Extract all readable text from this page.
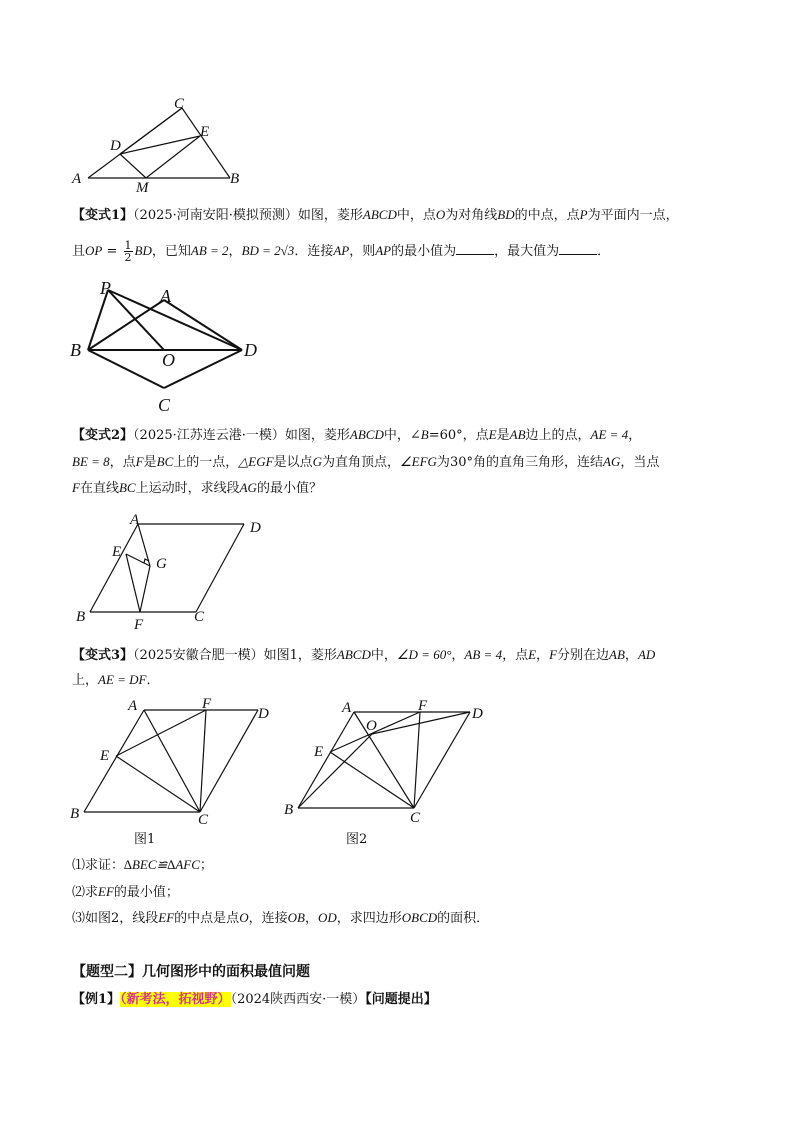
C
E
D
A
M
B
【变式1】（2025·河南安阳·模拟预测）如图，菱形ABCD中，点O为对角线BD的中点，点P为平面内一点，
且OP = $\frac{1}{2}$ BD，已知AB = 2，BD = 2√3．连接AP，则AP的最小值为	，最大值为	．
P	A
B	O	D
C
【变式2】（2025·江苏连云港·一模）如图，菱形ABCD中，∠B=60°，点E是AB边上的点，AE = 4，
BE = 8，点F是BC上的一点，△EGF是以点G为直角顶点，∠EFG为30°角的直角三角形，连结AG，当点
F在直线BC上运动时，求线段AG的最小值？
A	D
E
G
B	F	C
【变式3】（2025安徽合肥一模）如图1，菱形ABCD中，∠D = 60°，AB = 4，点E，F分别在边AB，AD
上，AE = DF．
A	F
D
E
B	C
图1
A
O
F	D
E
B	C
图2
⑴求证：∆BEC≌∆AFC；
⑵求EF的最小值；
⑶如图2，线段EF的中点是点O，连接OB，OD，求四边形OBCD的面积．
【题型二】几何图形中的面积最值问题
【例1】（新考法，拓视野）（2024陕西西安·一模）【问题提出】
